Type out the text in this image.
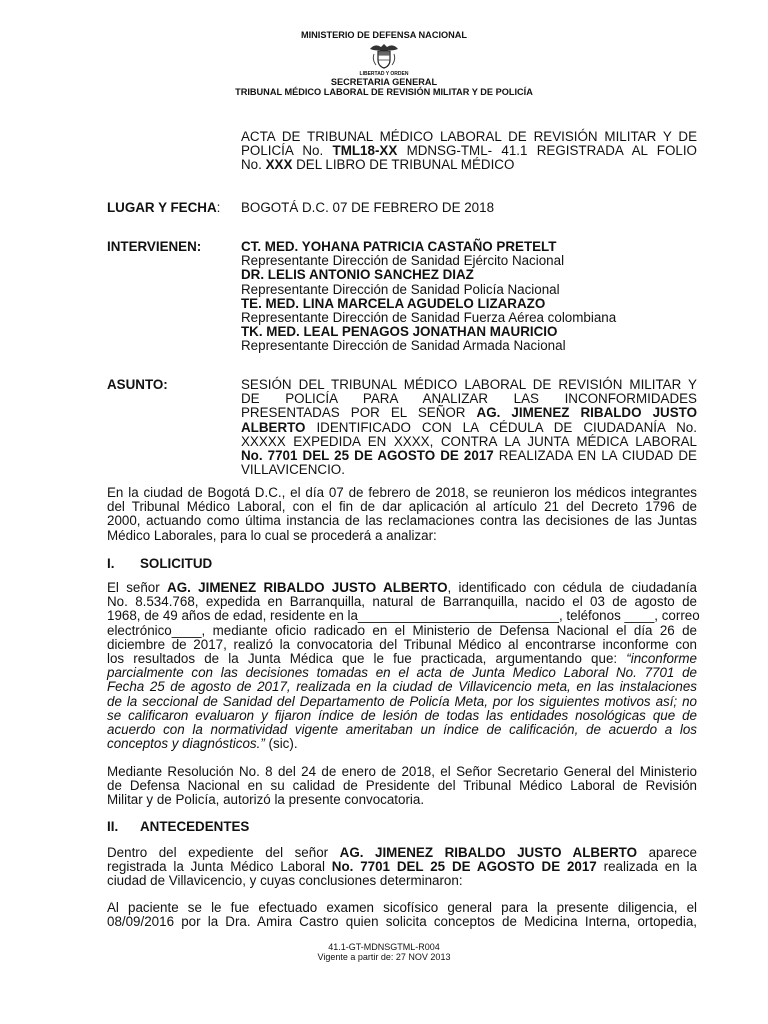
MINISTERIO DE DEFENSA NACIONAL
LIBERTAD Y ORDEN
SECRETARIA GENERAL
TRIBUNAL MÉDICO LABORAL DE REVISIÓN MILITAR Y DE POLICÍA
ACTA DE TRIBUNAL MÉDICO LABORAL DE REVISIÓN MILITAR Y DE
POLICÍA No. TML18-XX MDNSG-TML- 41.1 REGISTRADA AL FOLIO
No. XXX DEL LIBRO DE TRIBUNAL MÉDICO
LUGAR Y FECHA: BOGOTÁ D.C. 07 DE FEBRERO DE 2018
INTERVIENEN:	CT. MED. YOHANA PATRICIA CASTAÑO PRETELT
Representante Dirección de Sanidad Ejército Nacional
DR. LELIS ANTONIO SANCHEZ DIAZ
Representante Dirección de Sanidad Policía Nacional
TE. MED. LINA MARCELA AGUDELO LIZARAZO
Representante Dirección de Sanidad Fuerza Aérea colombiana
TK. MED. LEAL PENAGOS JONATHAN MAURICIO
Representante Dirección de Sanidad Armada Nacional
ASUNTO:	SESIÓN DEL TRIBUNAL MÉDICO LABORAL DE REVISIÓN MILITAR Y
DE POLICÍA PARA ANALIZAR LAS INCONFORMIDADES
PRESENTADAS POR EL SEÑOR AG. JIMENEZ RIBALDO JUSTO
ALBERTO IDENTIFICADO CON LA CÉDULA DE CIUDADANÍA No.
XXXXX EXPEDIDA EN XXXX, CONTRA LA JUNTA MÉDICA LABORAL
No. 7701 DEL 25 DE AGOSTO DE 2017 REALIZADA EN LA CIUDAD DE
VILLAVICENCIO.
En la ciudad de Bogotá D.C., el día 07 de febrero de 2018, se reunieron los médicos integrantes
del Tribunal Médico Laboral, con el fin de dar aplicación al artículo 21 del Decreto 1796 de
2000, actuando como última instancia de las reclamaciones contra las decisiones de las Juntas
Médico Laborales, para lo cual se procederá a analizar:
I. SOLICITUD
El señor AG. JIMENEZ RIBALDO JUSTO ALBERTO, identificado con cédula de ciudadanía
No. 8.534.768, expedida en Barranquilla, natural de Barranquilla, nacido el 03 de agosto de
1968, de 49 años de edad, residente en la___________________________, teléfonos ____, correo
electrónico____, mediante oficio radicado en el Ministerio de Defensa Nacional el día 26 de
diciembre de 2017, realizó la convocatoria del Tribunal Médico al encontrarse inconforme con
los resultados de la Junta Médica que le fue practicada, argumentando que: “inconforme
parcialmente con las decisiones tomadas en el acta de Junta Medico Laboral No. 7701 de
Fecha 25 de agosto de 2017, realizada en la ciudad de Villavicencio meta, en las instalaciones
de la seccional de Sanidad del Departamento de Policía Meta, por los siguientes motivos así; no
se calificaron evaluaron y fijaron índice de lesión de todas las entidades nosológicas que de
acuerdo con la normatividad vigente ameritaban un índice de calificación, de acuerdo a los
conceptos y diagnósticos.” (sic).
Mediante Resolución No. 8 del 24 de enero de 2018, el Señor Secretario General del Ministerio
de Defensa Nacional en su calidad de Presidente del Tribunal Médico Laboral de Revisión
Militar y de Policía, autorizó la presente convocatoria.
II. ANTECEDENTES
Dentro del expediente del señor AG. JIMENEZ RIBALDO JUSTO ALBERTO aparece
registrada la Junta Médico Laboral No. 7701 DEL 25 DE AGOSTO DE 2017 realizada en la
ciudad de Villavicencio, y cuyas conclusiones determinaron:
Al paciente se le fue efectuado examen sicofísico general para la presente diligencia, el
08/09/2016 por la Dra. Amira Castro quien solicita conceptos de Medicina Interna, ortopedia,
41.1-GT-MDNSGTML-R004
Vigente a partir de: 27 NOV 2013
